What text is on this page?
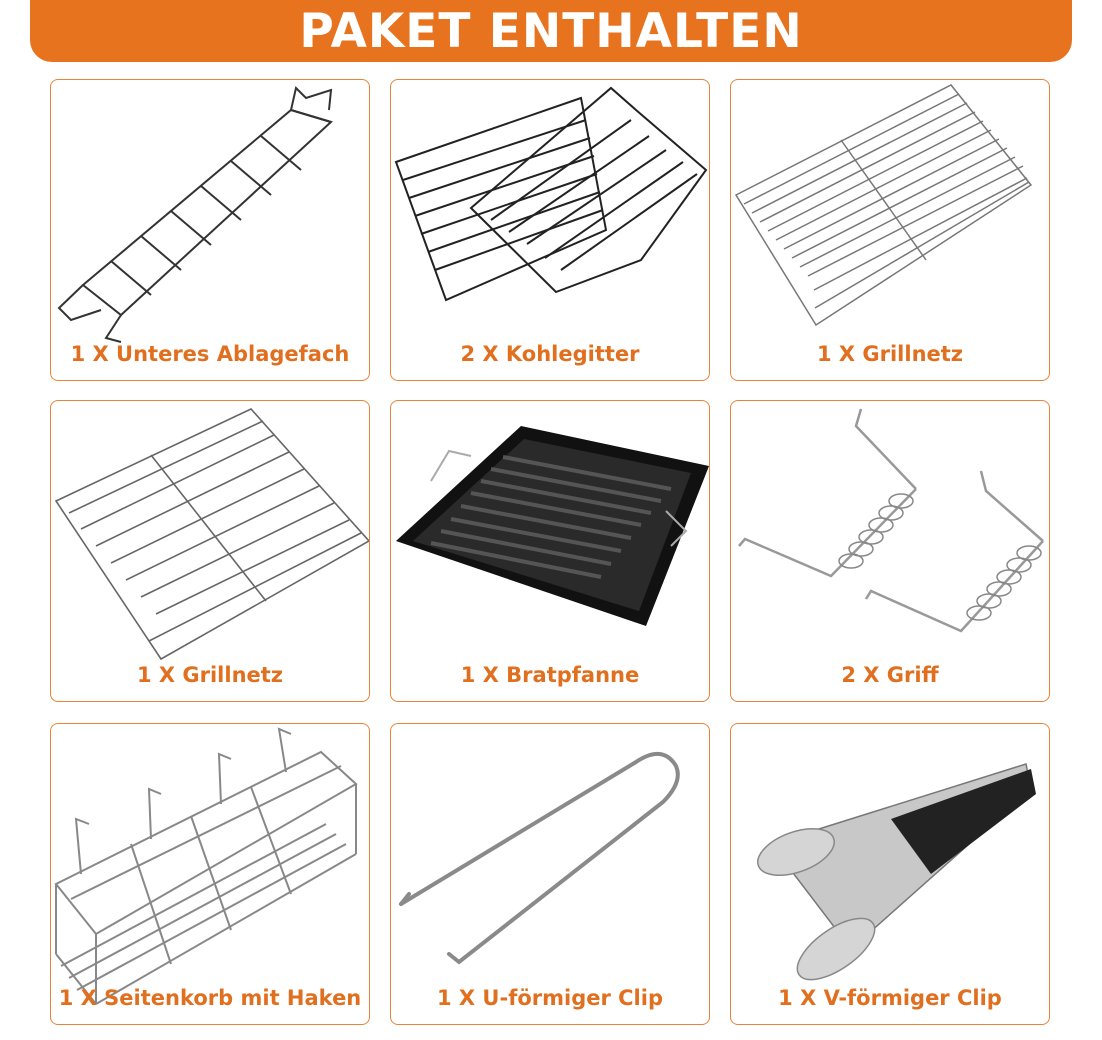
PAKET ENTHALTEN
1 X Unteres Ablagefach	2 X Kohlegitter	1 X Grillnetz
1 X Grillnetz	1 X Bratpfanne	2 X Griff
1 X Seitenkorb mit Haken	1 X U-förmiger Clip	1 X V-förmiger Clip
